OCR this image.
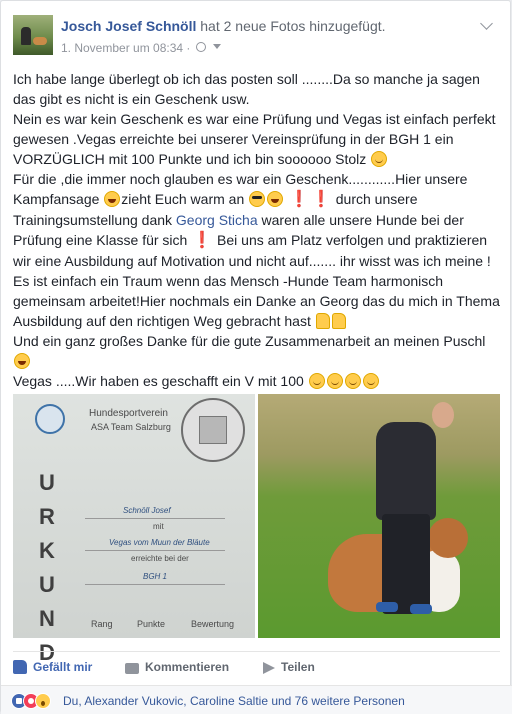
Josch Josef Schnöll hat 2 neue Fotos hinzugefügt.
1. November um 08:34 ·

Ich habe lange überlegt ob ich das posten soll ........Da so manche ja sagen das gibt es nicht is ein Geschenk usw.

Nein es war kein Geschenk es war eine Prüfung und Vegas ist einfach perfekt gewesen .Vegas erreichte bei unserer Vereinsprüfung in der BGH 1 ein VORZÜGLICH mit 100 Punkte und ich bin soooooo Stolz

Für die ,die immer noch glauben es war ein Geschenk............Hier unsere Kampfansage zieht Euch warm an	❗ ❗ durch unsere Trainingsumstellung dank Georg Sticha waren alle unsere Hunde bei der Prüfung eine Klasse für sich ❗ Bei uns am Platz verfolgen und praktizieren wir eine Ausbildung auf Motivation und nicht auf....... ihr wisst was ich meine ! Es ist einfach ein Traum wenn das Mensch -Hunde Team harmonisch gemeinsam arbeitet!Hier nochmals ein Danke an Georg das du mich in Thema Ausbildung auf den richtigen Weg gebracht hast

Und ein ganz großes Danke für die gute Zusammenarbeit an meinen Puschl

Vegas .....Wir haben es geschafft ein V mit 100

Hundesportverein
ASA Team Salzburg
U
R
K
U
N
D
Schnöll Josef
mit
Vegas vom Muun der Bläute
erreichte bei der
BGH 1
Rang	Punkte	Bewertung
Gefällt mir	Kommentieren	Teilen
Du, Alexander Vukovic, Caroline Saltie und 76 weitere Personen
